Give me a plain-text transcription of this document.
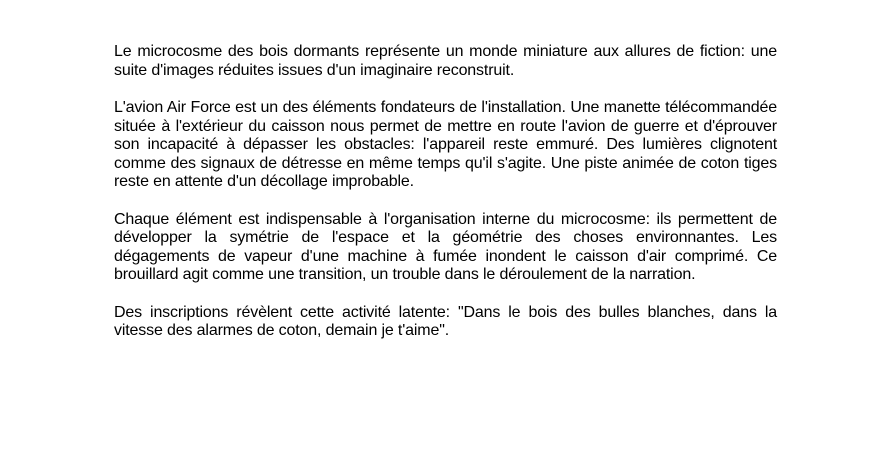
Le microcosme des bois dormants représente un monde miniature aux allures de fiction: une suite d'images réduites issues d'un imaginaire reconstruit.

L'avion Air Force est un des éléments fondateurs de l'installation. Une manette télécommandée située à l'extérieur du caisson nous permet de mettre en route l'avion de guerre et d'éprouver son incapacité à dépasser les obstacles: l'appareil reste emmuré. Des lumières clignotent comme des signaux de détresse en même temps qu'il s'agite. Une piste animée de coton tiges reste en attente d'un décollage improbable.

Chaque élément est indispensable à l'organisation interne du microcosme: ils permettent de développer la symétrie de l'espace et la géométrie des choses environnantes. Les dégagements de vapeur d'une machine à fumée inondent le caisson d'air comprimé. Ce brouillard agit comme une transition, un trouble dans le déroulement de la narration.

Des inscriptions révèlent cette activité latente: "Dans le bois des bulles blanches, dans la vitesse des alarmes de coton, demain je t'aime".
